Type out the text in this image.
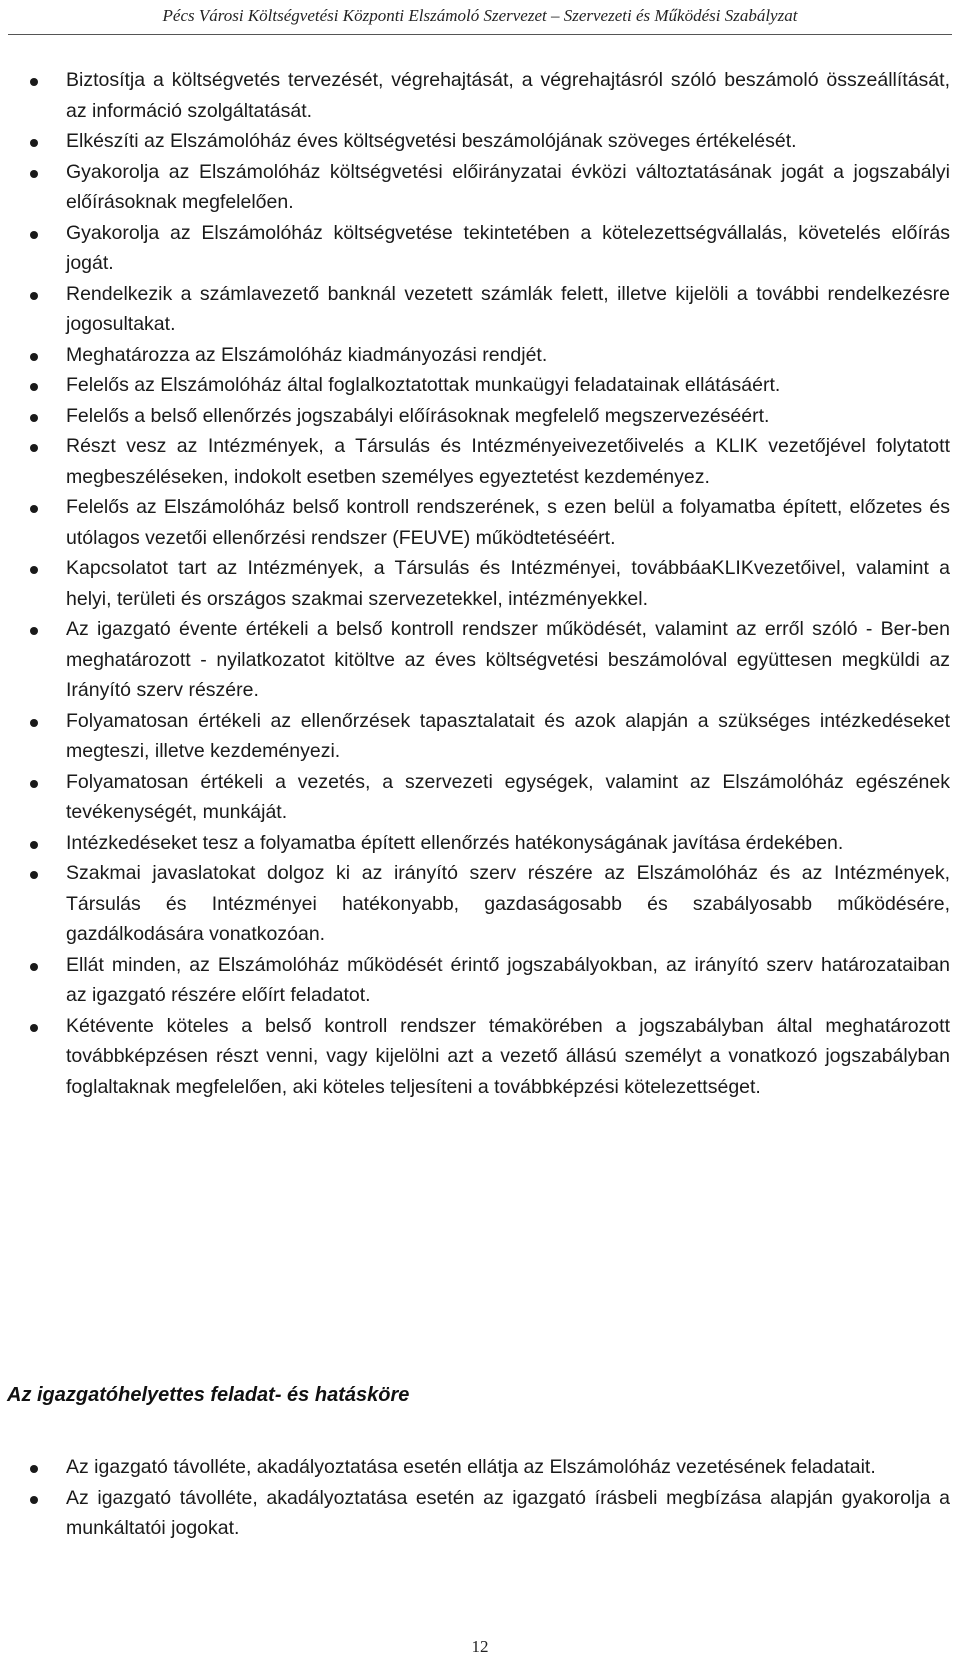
Pécs Városi Költségvetési Központi Elszámoló Szervezet – Szervezeti és Működési Szabályzat
Biztosítja a költségvetés tervezését, végrehajtását, a végrehajtásról szóló beszámoló összeállítását, az információ szolgáltatását.
Elkészíti az Elszámolóház éves költségvetési beszámolójának szöveges értékelését.
Gyakorolja az Elszámolóház költségvetési előirányzatai évközi változtatásának jogát a jogszabályi előírásoknak megfelelően.
Gyakorolja az Elszámolóház költségvetése tekintetében a kötelezettségvállalás, követelés előírás jogát.
Rendelkezik a számlavezető banknál vezetett számlák felett, illetve kijelöli a további rendelkezésre jogosultakat.
Meghatározza az Elszámolóház kiadmányozási rendjét.
Felelős az Elszámolóház által foglalkoztatottak munkaügyi feladatainak ellátásáért.
Felelős a belső ellenőrzés jogszabályi előírásoknak megfelelő megszervezéséért.
Részt vesz az Intézmények, a Társulás és Intézményeivezetőivelés a KLIK vezetőjével folytatott megbeszéléseken, indokolt esetben személyes egyeztetést kezdeményez.
Felelős az Elszámolóház belső kontroll rendszerének, s ezen belül a folyamatba épített, előzetes és utólagos vezetői ellenőrzési rendszer (FEUVE) működtetéséért.
Kapcsolatot tart az Intézmények, a Társulás és Intézményei, továbbáaKLIKvezetőivel, valamint a helyi, területi és országos szakmai szervezetekkel, intézményekkel.
Az igazgató évente értékeli a belső kontroll rendszer működését, valamint az erről szóló - Ber-ben meghatározott - nyilatkozatot kitöltve az éves költségvetési beszámolóval együttesen megküldi az Irányító szerv részére.
Folyamatosan értékeli az ellenőrzések tapasztalatait és azok alapján a szükséges intézkedéseket megteszi, illetve kezdeményezi.
Folyamatosan értékeli a vezetés, a szervezeti egységek, valamint az Elszámolóház egészének tevékenységét, munkáját.
Intézkedéseket tesz a folyamatba épített ellenőrzés hatékonyságának javítása érdekében.
Szakmai javaslatokat dolgoz ki az irányító szerv részére az Elszámolóház és az Intézmények, Társulás és Intézményei hatékonyabb, gazdaságosabb és szabályosabb működésére, gazdálkodására vonatkozóan.
Ellát minden, az Elszámolóház működését érintő jogszabályokban, az irányító szerv határozataiban az igazgató részére előírt feladatot.
Kétévente köteles a belső kontroll rendszer témakörében a jogszabályban által meghatározott továbbképzésen részt venni, vagy kijelölni azt a vezető állású személyt a vonatkozó jogszabályban foglaltaknak megfelelően, aki köteles teljesíteni a továbbképzési kötelezettséget.
Az igazgatóhelyettes feladat- és hatásköre
Az igazgató távolléte, akadályoztatása esetén ellátja az Elszámolóház vezetésének feladatait.
Az igazgató távolléte, akadályoztatása esetén az igazgató írásbeli megbízása alapján gyakorolja a munkáltatói jogokat.
12
